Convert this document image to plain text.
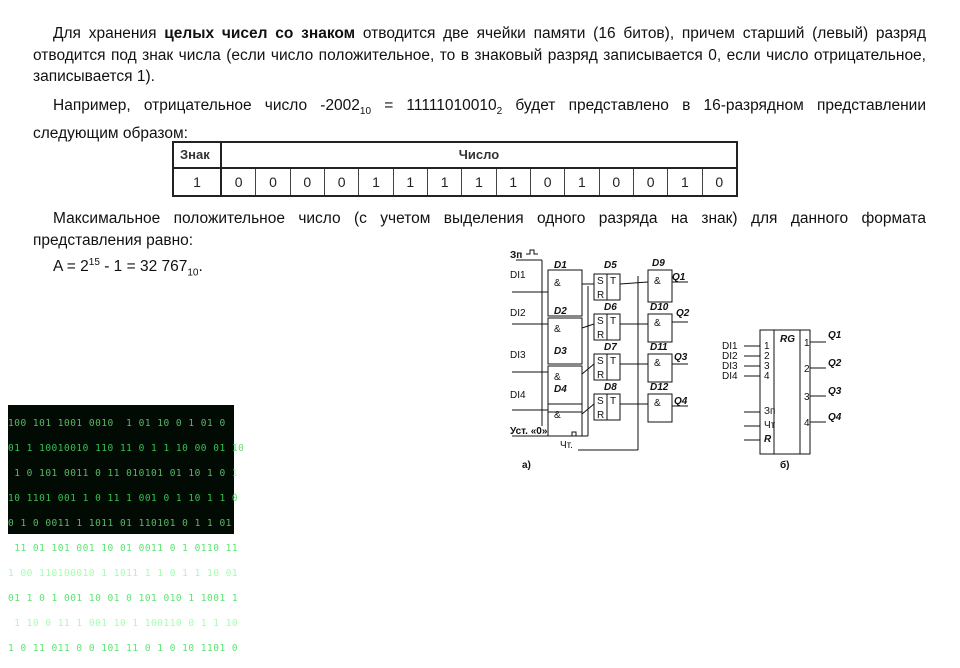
Для хранения целых чисел со знаком отводится две ячейки памяти (16 битов), причем старший (левый) разряд отводится под знак числа (если число положительное, то в знаковый разряд записывается 0, если число отрицательное, записывается 1).
Например, отрицательное число $-2002_{10} = 11111010010_2$ будет представлено в 16-разрядном представлении следующим образом:
Знак	Число
1	0	0	0	0	1	1	1	1	1	0	1	0	0	1	0
Максимальное положительное число (с учетом выделения одного разряда на знак) для данного формата представления равно:
$A = 2^{15} - 1 = 32$ $767_{10}$.

100 101 1001 0010  1 01 10 0 1 01 0

01 1 10010010 110 11 0 1 1 10 00 01 10

1 0 101 0011 0 11 010101 01 10 1 0 1

10 1101 001 1 0 11 1 001 0 1 10 1 1 0

0 1 0 0011 1 1011 01 110101 0 1 1 01

11 01 101 001 10 01 0011 0 1 0110 11

1 00 110100010 1 1011 1 1 0 1 1 10 01

01 1 0 1 001 10 01 0 101 010 1 1001 1

1 10 0 11 1 001 10 1 100110 0 1 1 10

1 0 11 011 0 0 101 11 0 1 0 10 1101 0

Зп
DI1
DI2
DI3
DI4
Уст. «0»
Чт.
D1
D2
D3
D4
D5
D6
D7
D8
D9
D10
D11
D12
&
&
&
&
&
&
&
&
S T
R
S T
R
S T
R
S T
R
Q1
Q2
Q3
Q4
а)
DI1
DI2
DI3
DI4
1
2
3
4
RG 1
2
3
4
Q1
Q2
Q3
Q4
Зп
Чт
R
б)
